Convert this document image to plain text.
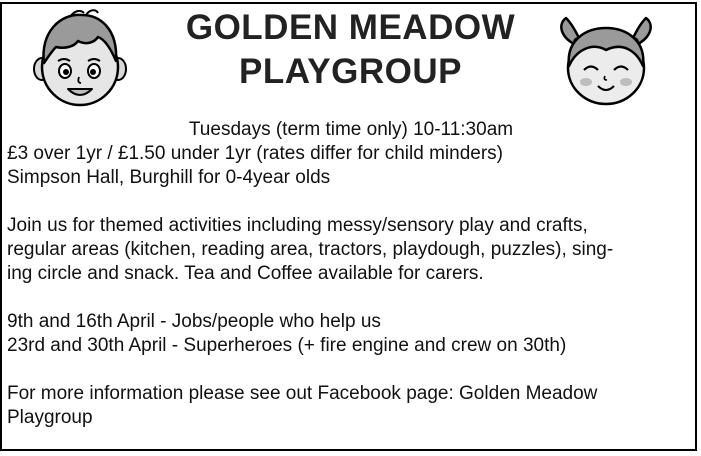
GOLDEN MEADOW
PLAYGROUP
Tuesdays (term time only) 10-11:30am
£3 over 1yr / £1.50 under 1yr (rates differ for child minders)
Simpson Hall, Burghill for 0-4year olds
Join us for themed activities including messy/sensory play and crafts,
regular areas (kitchen, reading area, tractors, playdough, puzzles), sing-
ing circle and snack. Tea and Coffee available for carers.
9th and 16th April - Jobs/people who help us
23rd and 30th April - Superheroes (+ fire engine and crew on 30th)
For more information please see out Facebook page: Golden Meadow
Playgroup
